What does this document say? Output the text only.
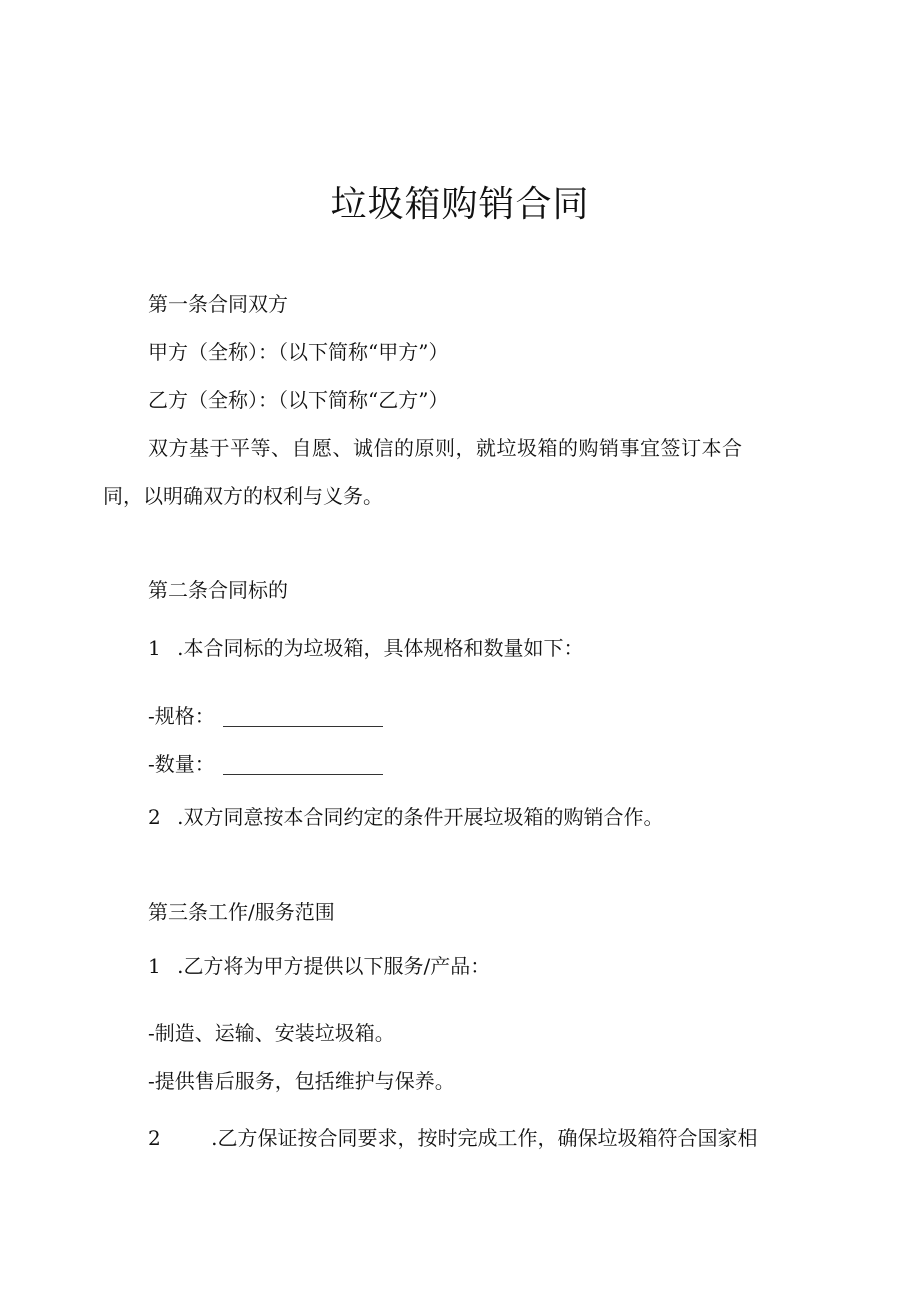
垃圾箱购销合同
第一条合同双方
甲方（全称）：（以下简称“甲方”）
乙方（全称）：（以下简称“乙方”）
双方基于平等、自愿、诚信的原则，就垃圾箱的购销事宜签订本合
同，以明确双方的权利与义务。
第二条合同标的
1 .本合同标的为垃圾箱，具体规格和数量如下：
-规格：
-数量：
2 .双方同意按本合同约定的条件开展垃圾箱的购销合作。
第三条工作/服务范围
1 .乙方将为甲方提供以下服务/产品：
-制造、运输、安装垃圾箱。
-提供售后服务，包括维护与保养。
2	.乙方保证按合同要求，按时完成工作，确保垃圾箱符合国家相
